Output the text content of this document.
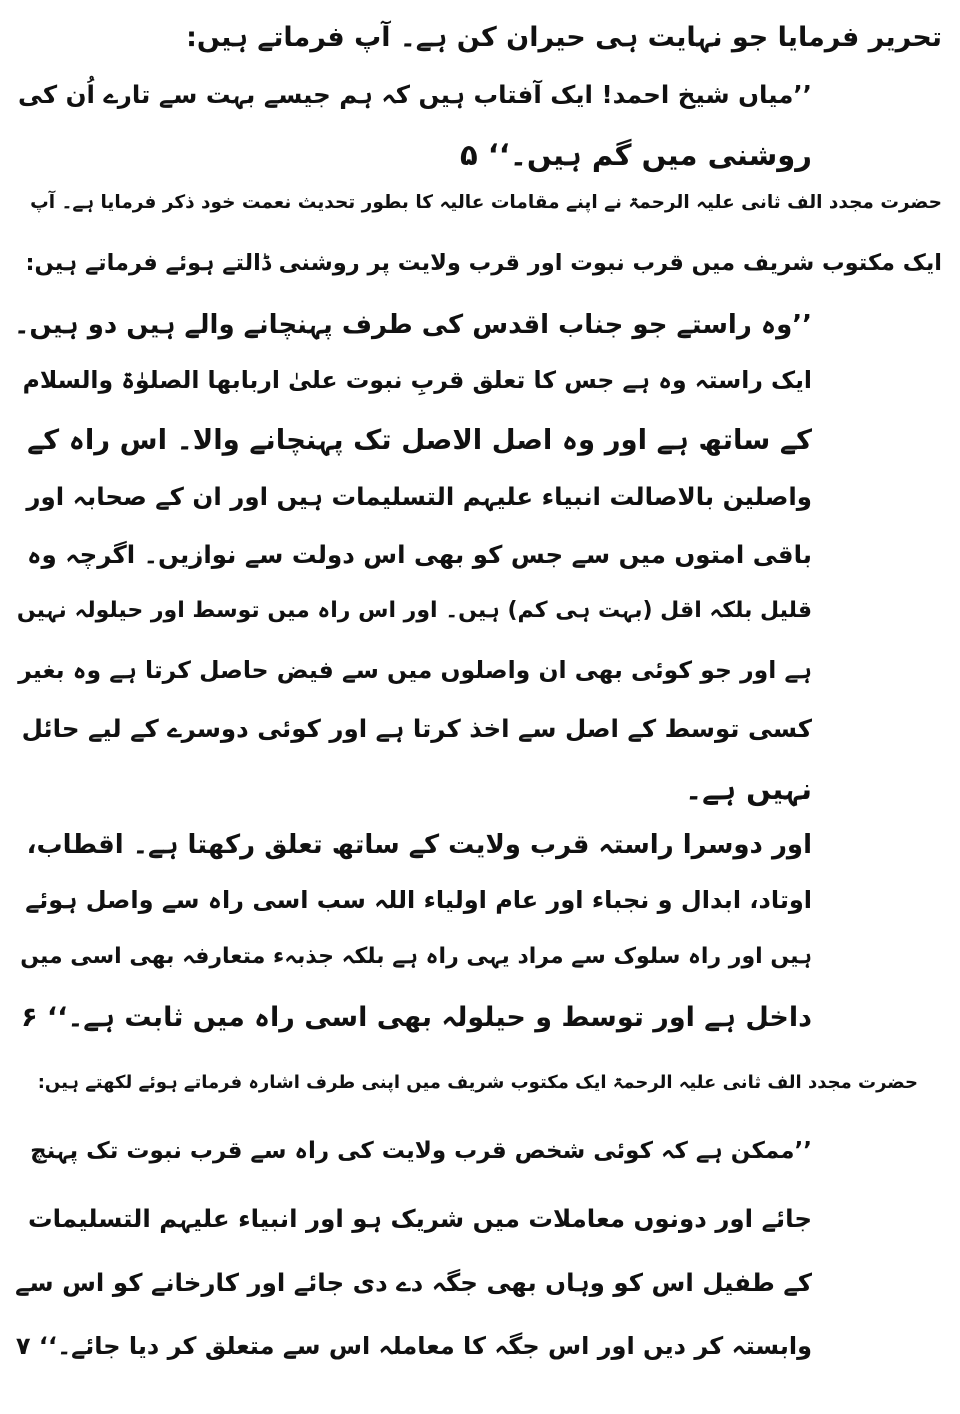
تحریر فرمایا جو نہایت ہی حیران کن ہے۔ آپ فرماتے ہیں:
’’میاں شیخ احمد! ایک آفتاب ہیں کہ ہم جیسے بہت سے تارے اُن کی
روشنی میں گم ہیں۔‘‘ ۵
حضرت مجدد الف ثانی علیہ الرحمۃ نے اپنے مقامات عالیہ کا بطور تحدیث نعمت خود ذکر فرمایا ہے۔ آپ
ایک مکتوب شریف میں قرب نبوت اور قرب ولایت پر روشنی ڈالتے ہوئے فرماتے ہیں:
’’وہ راستے جو جناب اقدس کی طرف پہنچانے والے ہیں دو ہیں۔
ایک راستہ وہ ہے جس کا تعلق قربِ نبوت علیٰ اربابھا الصلوٰۃ والسلام
کے ساتھ ہے اور وہ اصل الاصل تک پہنچانے والا۔ اس راہ کے
واصلین بالاصالت انبیاء علیہم التسلیمات ہیں اور ان کے صحابہ اور
باقی امتوں میں سے جس کو بھی اس دولت سے نوازیں۔ اگرچہ وہ
قلیل بلکہ اقل (بہت ہی کم) ہیں۔ اور اس راہ میں توسط اور حیلولہ نہیں
ہے اور جو کوئی بھی ان واصلوں میں سے فیض حاصل کرتا ہے وہ بغیر
کسی توسط کے اصل سے اخذ کرتا ہے اور کوئی دوسرے کے لیے حائل
نہیں ہے۔
اور دوسرا راستہ قرب ولایت کے ساتھ تعلق رکھتا ہے۔ اقطاب،
اوتاد، ابدال و نجباء اور عام اولیاء اللہ سب اسی راہ سے واصل ہوئے
ہیں اور راہ سلوک سے مراد یہی راہ ہے بلکہ جذبہء متعارفہ بھی اسی میں
داخل ہے اور توسط و حیلولہ بھی اسی راہ میں ثابت ہے۔‘‘ ۶
حضرت مجدد الف ثانی علیہ الرحمۃ ایک مکتوب شریف میں اپنی طرف اشارہ فرماتے ہوئے لکھتے ہیں:
’’ممکن ہے کہ کوئی شخص قرب ولایت کی راہ سے قرب نبوت تک پہنچ
جائے اور دونوں معاملات میں شریک ہو اور انبیاء علیہم التسلیمات
کے طفیل اس کو وہاں بھی جگہ دے دی جائے اور کارخانے کو اس سے
وابستہ کر دیں اور اس جگہ کا معاملہ اس سے متعلق کر دیا جائے۔‘‘ ۷
